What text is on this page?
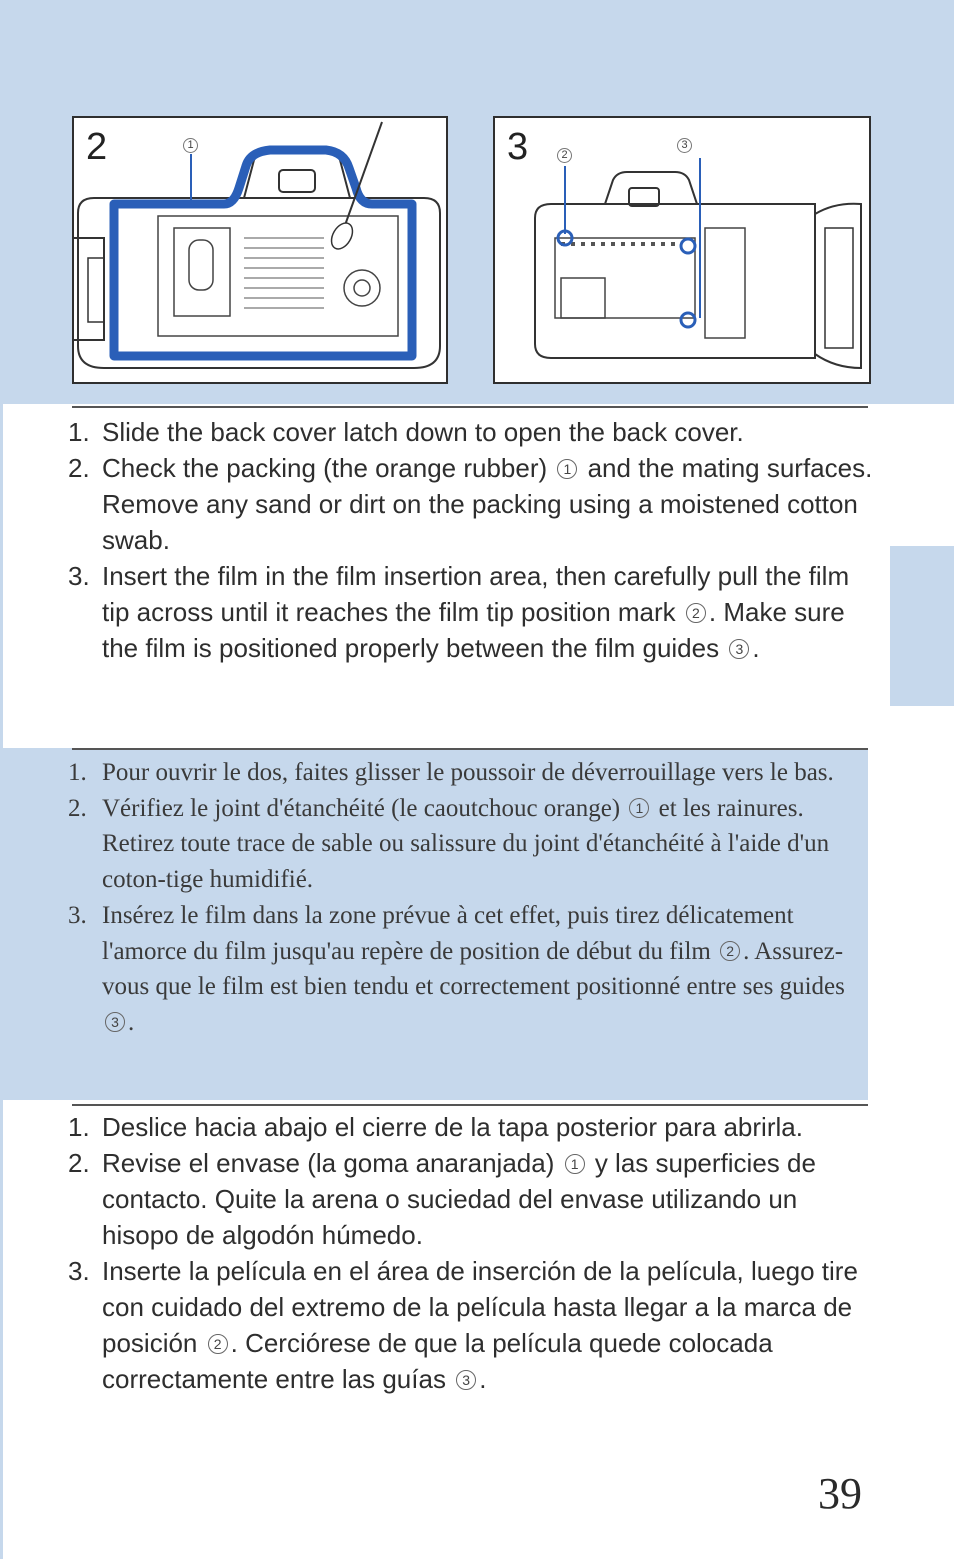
2	1	3	2
3
1. Slide the back cover latch down to open the back cover.
2. Check the packing (the orange rubber) 1 and the mating surfaces. Remove any sand or dirt on the packing using a moistened cotton swab.
3. Insert the film in the film insertion area, then carefully pull the film tip across until it reaches the film tip position mark 2 . Make sure the film is positioned properly between the film guides 3 .
1. Pour ouvrir le dos, faites glisser le poussoir de déverrouillage vers le bas.
2. Vérifiez le joint d'étanchéité (le caoutchouc orange) 1 et les rainures. Retirez toute trace de sable ou salissure du joint d'étanchéité à l'aide d'un coton-tige humidifié.
3. Insérez le film dans la zone prévue à cet effet, puis tirez délicatement l'amorce du film jusqu'au repère de position de début du film 2 . Assurez-vous que le film est bien tendu et correctement positionné entre ses guides 3 .
1. Deslice hacia abajo el cierre de la tapa posterior para abrirla.
2. Revise el envase (la goma anaranjada) 1 y las superficies de contacto. Quite la arena o suciedad del envase utilizando un hisopo de algodón húmedo.
3. Inserte la película en el área de inserción de la película, luego tire con cuidado del extremo de la película hasta llegar a la marca de posición 2 . Cerciórese de que la película quede colocada correctamente entre las guías 3 .
39
